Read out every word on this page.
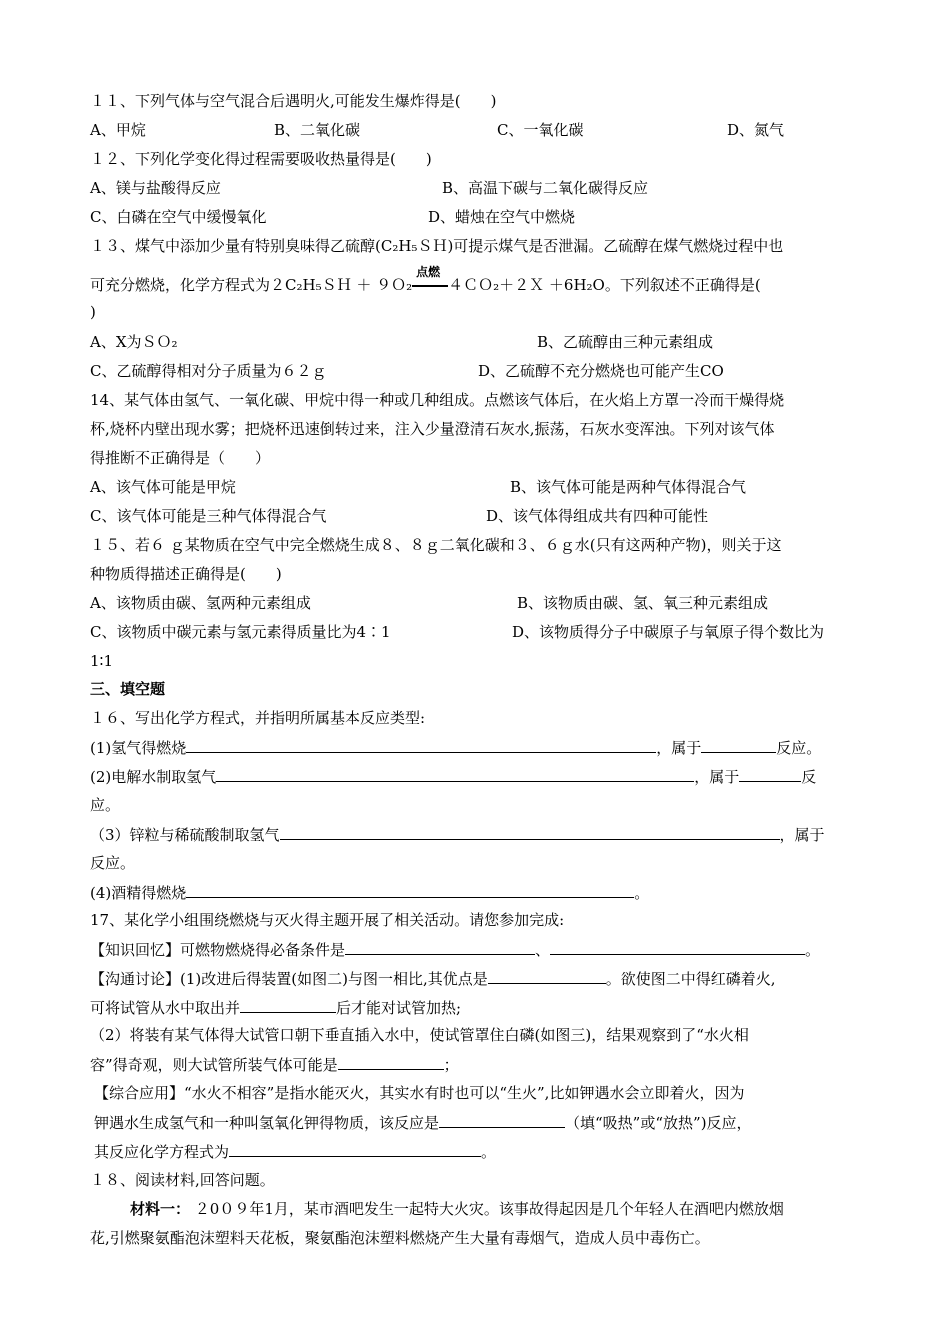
１１、下列气体与空气混合后遇明火,可能发生爆炸得是(　　)
A、甲烷	B、二氧化碳	C、一氧化碳	D、氮气
１２、下列化学变化得过程需要吸收热量得是(　　)
A、镁与盐酸得反应	B、高温下碳与二氧化碳得反应
C、白磷在空气中缓慢氧化	D、蜡烛在空气中燃烧
１３、煤气中添加少量有特别臭味得乙硫醇(C₂H₅ＳＨ)可提示煤气是否泄漏。乙硫醇在煤气燃烧过程中也
可充分燃烧，化学方程式为２C₂H₅ＳＨ ＋ ９Ｏ₂
点燃
４ＣＯ₂＋２Ｘ ＋6H₂O。下列叙述不正确得是(
)
A、X为ＳＯ₂	B、乙硫醇由三种元素组成
C、乙硫醇得相对分子质量为６２ｇ	D、乙硫醇不充分燃烧也可能产生CO
14、某气体由氢气、一氧化碳、甲烷中得一种或几种组成。点燃该气体后，在火焰上方罩一冷而干燥得烧
杯,烧杯内壁出现水雾；把烧杯迅速倒转过来，注入少量澄清石灰水,振荡，石灰水变浑浊。下列对该气体
得推断不正确得是（　　）
A、该气体可能是甲烷	B、该气体可能是两种气体得混合气
C、该气体可能是三种气体得混合气	D、该气体得组成共有四种可能性
１５、若６ ｇ某物质在空气中完全燃烧生成８、８ｇ二氧化碳和３、６ｇ水(只有这两种产物)，则关于这
种物质得描述正确得是(　　)
A、该物质由碳、氢两种元素组成	B、该物质由碳、氢、氧三种元素组成
C、该物质中碳元素与氢元素得质量比为4∶1	D、该物质得分子中碳原子与氧原子得个数比为
1∶1
三、填空题
１６、写出化学方程式，并指明所属基本反应类型:
(1)氢气得燃烧	，属于	反应。
(2)电解水制取氢气	，属于	反
应。
（3）锌粒与稀硫酸制取氢气	，属于
反应。
(4)酒精得燃烧	。
17、某化学小组围绕燃烧与灭火得主题开展了相关活动。请您参加完成:
【知识回忆】可燃物燃烧得必备条件是	、	。
【沟通讨论】(1)改进后得装置(如图二)与图一相比,其优点是	。欲使图二中得红磷着火,
可将试管从水中取出并	后才能对试管加热;
（2）将装有某气体得大试管口朝下垂直插入水中，使试管罩住白磷(如图三)，结果观察到了“水火相
容”得奇观，则大试管所装气体可能是	；
【综合应用】“水火不相容”是指水能灭火，其实水有时也可以“生火”,比如钾遇水会立即着火，因为
钾遇水生成氢气和一种叫氢氧化钾得物质，该反应是	（填“吸热”或“放热”)反应，
其反应化学方程式为	。
１８、阅读材料,回答问题。
材料一： ２0０９年1月，某市酒吧发生一起特大火灾。该事故得起因是几个年轻人在酒吧内燃放烟
花,引燃聚氨酯泡沫塑料天花板，聚氨酯泡沫塑料燃烧产生大量有毒烟气，造成人员中毒伤亡。
